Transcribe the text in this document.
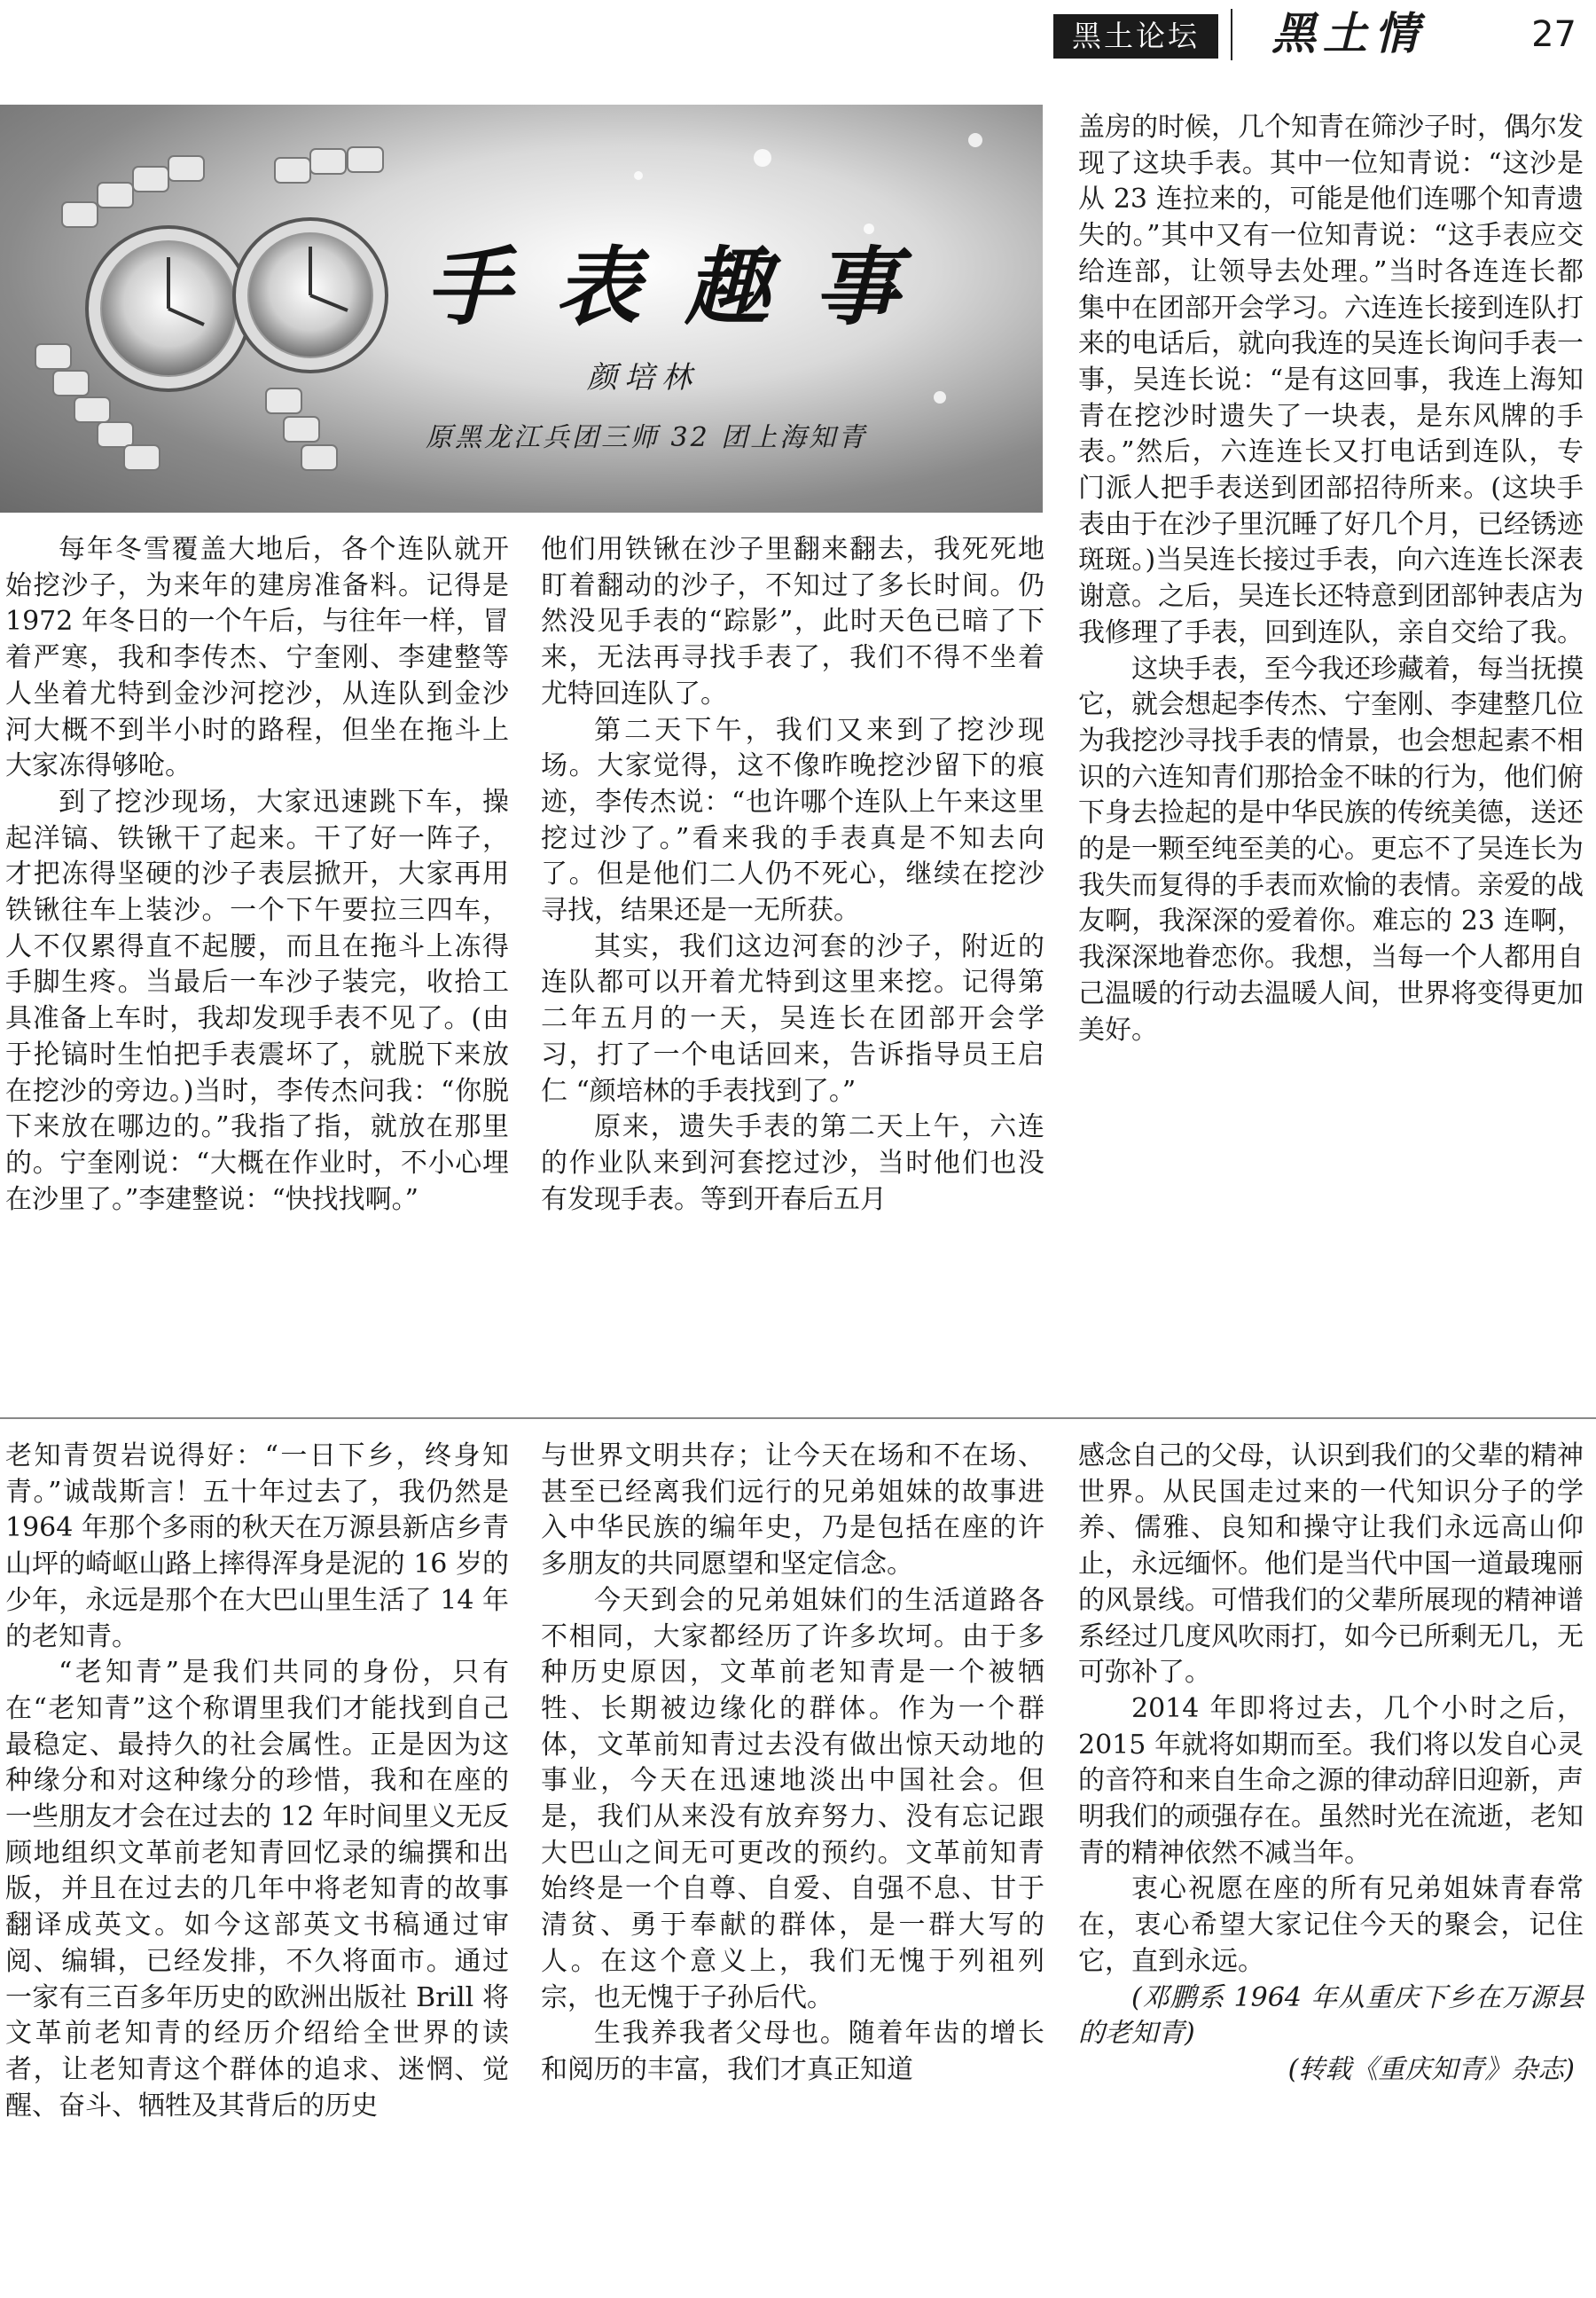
黑土论坛	黑土情	27
手表趣事
颜培林
原黑龙江兵团三师 32 团上海知青

每年冬雪覆盖大地后，各个连队就开始挖沙子，为来年的建房准备料。记得是 1972 年冬日的一个午后，与往年一样，冒着严寒，我和李传杰、宁奎刚、李建整等人坐着尤特到金沙河挖沙，从连队到金沙河大概不到半小时的路程，但坐在拖斗上大家冻得够呛。

到了挖沙现场，大家迅速跳下车，操起洋镐、铁锹干了起来。干了好一阵子，才把冻得坚硬的沙子表层掀开，大家再用铁锹往车上装沙。一个下午要拉三四车，人不仅累得直不起腰，而且在拖斗上冻得手脚生疼。当最后一车沙子装完，收拾工具准备上车时，我却发现手表不见了。(由于抡镐时生怕把手表震坏了，就脱下来放在挖沙的旁边。)当时，李传杰问我：“你脱下来放在哪边的。”我指了指，就放在那里的。宁奎刚说：“大概在作业时，不小心埋在沙里了。”李建整说：“快找找啊。”

他们用铁锹在沙子里翻来翻去，我死死地盯着翻动的沙子，不知过了多长时间。仍然没见手表的“踪影”，此时天色已暗了下来，无法再寻找手表了，我们不得不坐着尤特回连队了。

第二天下午，我们又来到了挖沙现场。大家觉得，这不像昨晚挖沙留下的痕迹，李传杰说：“也许哪个连队上午来这里挖过沙了。”看来我的手表真是不知去向了。但是他们二人仍不死心，继续在挖沙寻找，结果还是一无所获。

其实，我们这边河套的沙子，附近的连队都可以开着尤特到这里来挖。记得第二年五月的一天，吴连长在团部开会学习，打了一个电话回来，告诉指导员王启仁 “颜培林的手表找到了。”

原来，遗失手表的第二天上午，六连的作业队来到河套挖过沙，当时他们也没有发现手表。等到开春后五月

盖房的时候，几个知青在筛沙子时，偶尔发现了这块手表。其中一位知青说：“这沙是从 23 连拉来的，可能是他们连哪个知青遗失的。”其中又有一位知青说：“这手表应交给连部，让领导去处理。”当时各连连长都集中在团部开会学习。六连连长接到连队打来的电话后，就向我连的吴连长询问手表一事，吴连长说：“是有这回事，我连上海知青在挖沙时遗失了一块表，是东风牌的手表。”然后，六连连长又打电话到连队，专门派人把手表送到团部招待所来。(这块手表由于在沙子里沉睡了好几个月，已经锈迹斑斑。)当吴连长接过手表，向六连连长深表谢意。之后，吴连长还特意到团部钟表店为我修理了手表，回到连队，亲自交给了我。

这块手表，至今我还珍藏着，每当抚摸它，就会想起李传杰、宁奎刚、李建整几位为我挖沙寻找手表的情景，也会想起素不相识的六连知青们那拾金不昧的行为，他们俯下身去捡起的是中华民族的传统美德，送还的是一颗至纯至美的心。更忘不了吴连长为我失而复得的手表而欢愉的表情。亲爱的战友啊，我深深的爱着你。难忘的 23 连啊，我深深地眷恋你。我想，当每一个人都用自己温暖的行动去温暖人间，世界将变得更加美好。

老知青贺岩说得好：“一日下乡，终身知青。”诚哉斯言！五十年过去了，我仍然是 1964 年那个多雨的秋天在万源县新店乡青山坪的崎岖山路上摔得浑身是泥的 16 岁的少年，永远是那个在大巴山里生活了 14 年的老知青。

“老知青”是我们共同的身份，只有在“老知青”这个称谓里我们才能找到自己最稳定、最持久的社会属性。正是因为这种缘分和对这种缘分的珍惜，我和在座的一些朋友才会在过去的 12 年时间里义无反顾地组织文革前老知青回忆录的编撰和出版，并且在过去的几年中将老知青的故事翻译成英文。如今这部英文书稿通过审阅、编辑，已经发排，不久将面市。通过一家有三百多年历史的欧洲出版社 Brill 将文革前老知青的经历介绍给全世界的读者，让老知青这个群体的追求、迷惘、觉醒、奋斗、牺牲及其背后的历史

与世界文明共存；让今天在场和不在场、甚至已经离我们远行的兄弟姐妹的故事进入中华民族的编年史，乃是包括在座的许多朋友的共同愿望和坚定信念。

今天到会的兄弟姐妹们的生活道路各不相同，大家都经历了许多坎坷。由于多种历史原因，文革前老知青是一个被牺牲、长期被边缘化的群体。作为一个群体，文革前知青过去没有做出惊天动地的事业，今天在迅速地淡出中国社会。但是，我们从来没有放弃努力、没有忘记跟大巴山之间无可更改的预约。文革前知青始终是一个自尊、自爱、自强不息、甘于清贫、勇于奉献的群体，是一群大写的人。在这个意义上，我们无愧于列祖列宗，也无愧于子孙后代。

生我养我者父母也。随着年齿的增长和阅历的丰富，我们才真正知道

感念自己的父母，认识到我们的父辈的精神世界。从民国走过来的一代知识分子的学养、儒雅、良知和操守让我们永远高山仰止，永远缅怀。他们是当代中国一道最瑰丽的风景线。可惜我们的父辈所展现的精神谱系经过几度风吹雨打，如今已所剩无几，无可弥补了。

2014 年即将过去，几个小时之后，2015 年就将如期而至。我们将以发自心灵的音符和来自生命之源的律动辞旧迎新，声明我们的顽强存在。虽然时光在流逝，老知青的精神依然不减当年。

衷心祝愿在座的所有兄弟姐妹青春常在，衷心希望大家记住今天的聚会，记住它，直到永远。

(邓鹏系 1964 年从重庆下乡在万源县的老知青)

(转载《重庆知青》杂志)
